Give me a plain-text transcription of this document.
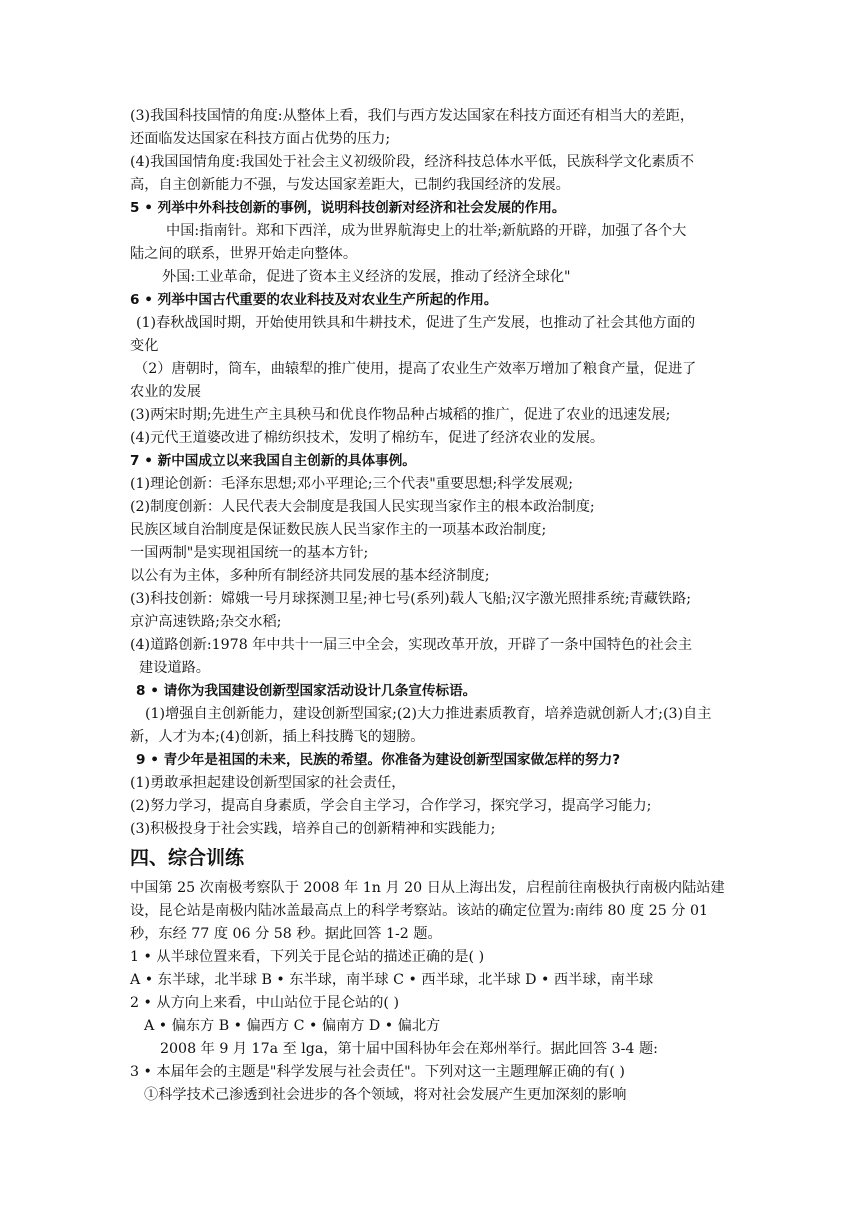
(3)我国科技国情的角度:从整体上看，我们与西方发达国家在科技方面还有相当大的差距，
还面临发达国家在科技方面占优势的压力;
(4)我国国情角度:我国处于社会主义初级阶段，经济科技总体水平低，民族科学文化素质不
高，自主创新能力不强，与发达国家差距大，已制约我国经济的发展。
5 • 列举中外科技创新的事例，说明科技创新对经济和社会发展的作用。
中国:指南针。郑和下西洋，成为世界航海史上的壮举;新航路的开辟，加强了各个大
陆之间的联系，世界开始走向整体。
外国:工业革命，促进了资本主义经济的发展，推动了经济全球化"
6 • 列举中国古代重要的农业科技及对农业生产所起的作用。
(1)春秋战国时期，开始使用铁具和牛耕技术，促进了生产发展，也推动了社会其他方面的
变化
（2）唐朝时，筒车，曲辕犁的推广使用，提高了农业生产效率万增加了粮食产量，促进了
农业的发展
(3)两宋时期;先进生产主具秧马和优良作物品种占城稻的推广，促进了农业的迅速发展;
(4)元代王道婆改进了棉纺织技术，发明了棉纺车，促进了经济农业的发展。
7 • 新中国成立以来我国自主创新的具体事例。
(1)理论创新：毛泽东思想;邓小平理论;三个代表"重要思想;科学发展观;
(2)制度创新：人民代表大会制度是我国人民实现当家作主的根本政治制度;
民族区域自治制度是保证数民族人民当家作主的一项基本政治制度;
一国两制"是实现祖国统一的基本方针;
以公有为主体，多种所有制经济共同发展的基本经济制度;
(3)科技创新：嫦娥一号月球探测卫星;神七号(系列)载人飞船;汉字激光照排系统;青藏铁路;
京沪高速铁路;杂交水稻;
(4)道路创新:1978 年中共十一届三中全会，实现改革开放，开辟了一条中国特色的社会主
建设道路。
8 • 请你为我国建设创新型国家活动设计几条宣传标语。
(1)增强自主创新能力，建设创新型国家;(2)大力推进素质教育，培养造就创新人才;(3)自主
新，人才为本;(4)创新，插上科技腾飞的翅膀。
9 • 青少年是祖国的未来，民族的希望。你准备为建设创新型国家做怎样的努力?
(1)勇敢承担起建设创新型国家的社会责任，
(2)努力学习，提高自身素质，学会自主学习，合作学习，探究学习，提高学习能力;
(3)积极投身于社会实践，培养自己的创新精神和实践能力;
四、综合训练
中国第 25 次南极考察队于 2008 年 1n 月 20 日从上海出发，启程前往南极执行南极内陆站建
设，昆仑站是南极内陆冰盖最高点上的科学考察站。该站的确定位置为:南纬 80 度 25 分 01
秒，东经 77 度 06 分 58 秒。据此回答 1-2 题。
1 • 从半球位置来看，下列关于昆仑站的描述正确的是( )
A • 东半球，北半球 B • 东半球，南半球 C • 西半球，北半球 D • 西半球，南半球
2 • 从方向上来看，中山站位于昆仑站的( )
A • 偏东方 B • 偏西方 C • 偏南方 D • 偏北方
2008 年 9 月 17a 至 lga，第十届中国科协年会在郑州举行。据此回答 3-4 题:
3 • 本届年会的主题是"科学发展与社会责任"。下列对这一主题理解正确的有( )
①科学技术己渗透到社会进步的各个领域，将对社会发展产生更加深刻的影响
